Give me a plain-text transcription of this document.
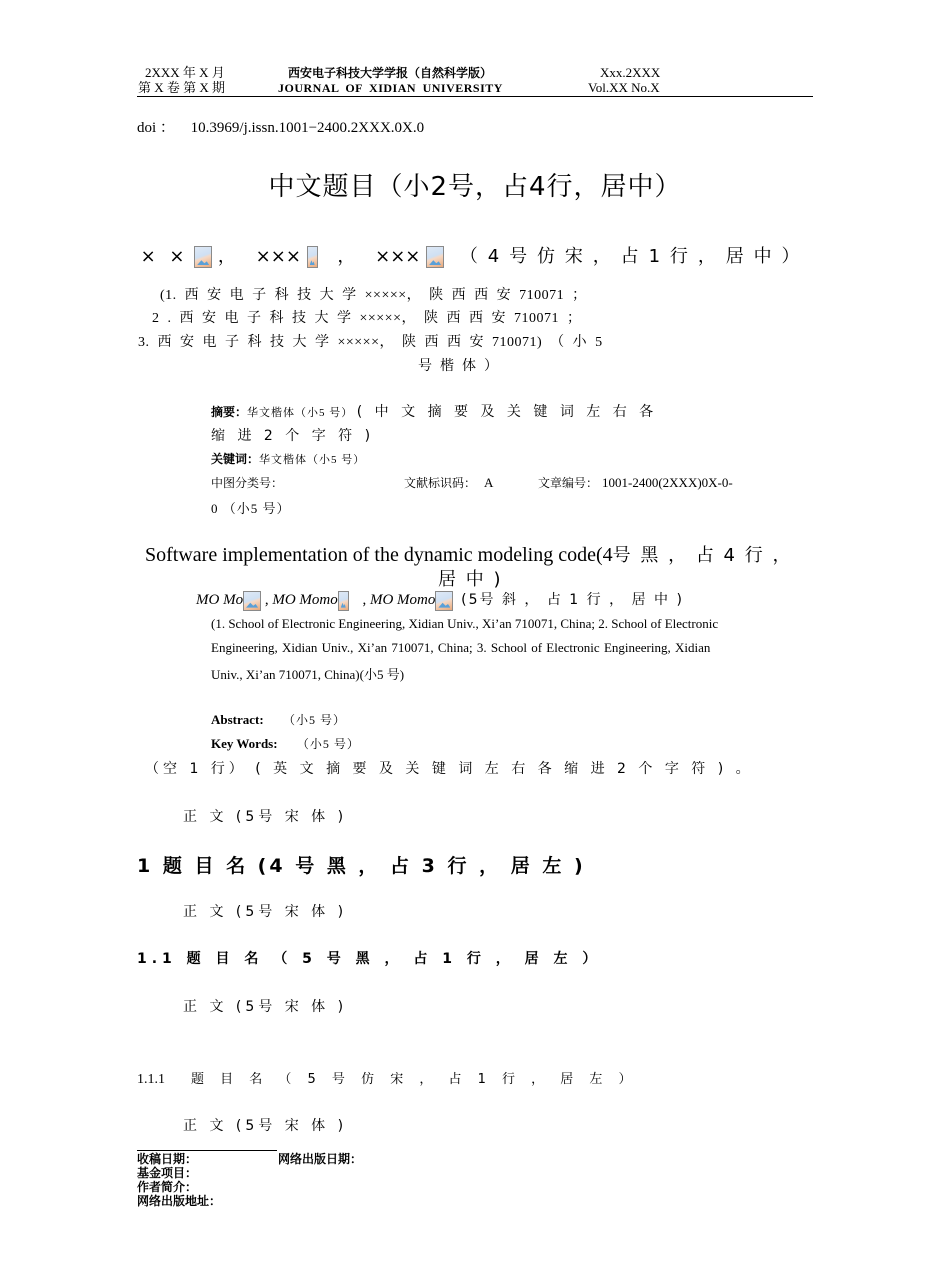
2XXX 年 X 月
第 X 卷 第 X 期
西安电子科技大学学报（自然科学版）
JOURNAL OF XIDIAN UNIVERSITY
Xxx.2XXX
Vol.XX No.X
doi ： 10.3969/j.issn.1001−2400.2XXX.0X.0
中文题目（小2号，占4行，居中）
× × ， ××× ， ××× （4号仿宋，占1行，居中）
(1. 西 安 电 子 科 技 大 学 ×××××， 陕 西 西 安 710071 ；
2 . 西 安 电 子 科 技 大 学 ×××××， 陕 西 西 安 710071 ；
3. 西 安 电 子 科 技 大 学 ×××××， 陕 西 西 安 710071) （ 小 5
号楷体）
摘要：华文楷体（小5 号） ( 中 文 摘 要 及 关 键 词 左 右 各
缩 进 2 个 字 符 )
关键词：华文楷体（小5 号）
中图分类号：	文献标识码： A	文章编号： 1001-2400(2XXX)0X-0-
0 （小5 号）
Software implementation of the dynamic modeling code(4号 黑 ， 占 4 行 ，
居 中 )
MO Mo , MO Momo , MO Momo (5号 斜 ， 占 1 行 ， 居 中 )
(1. School of Electronic Engineering, Xidian Univ., Xi’an 710071, China; 2. School of Electronic
Engineering, Xidian Univ., Xi’an 710071, China; 3. School of Electronic Engineering, Xidian
Univ., Xi’an 710071, China)(小5 号)
Abstract: （小5 号）
Key Words: （小5 号）
（空 1 行） ( 英 文 摘 要 及 关 键 词 左 右 各 缩 进 2 个 字 符 ) 。
正 文 (5号 宋 体 )
1 题 目 名 (4 号 黑 ， 占 3 行 ， 居 左 )
正 文 (5号 宋 体 )
1.1 题 目 名 （ 5 号 黑 ， 占 1 行 ， 居 左 ）
正 文 (5号 宋 体 )
1.1.1 题 目 名 （ 5 号 仿 宋 ， 占 1 行 ， 居 左 ）
正 文 (5号 宋 体 )
收稿日期：	网络出版日期：
基金项目：
作者简介：
网络出版地址：
